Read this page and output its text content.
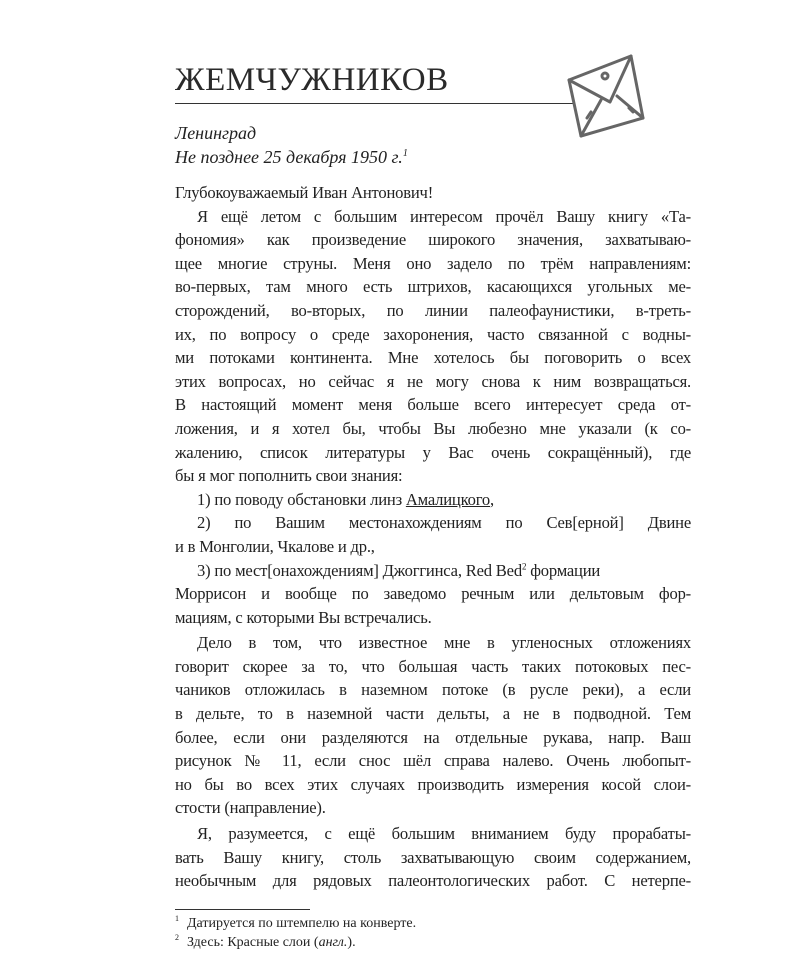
ЖЕМЧУЖНИКОВ
Ленинград
Не позднее 25 декабря 1950 г.$^1$
Глубокоуважаемый Иван Антонович!
Я ещё летом с большим интересом прочёл Вашу книгу «Та-
фономия» как произведение широкого значения, захватываю-
щее многие струны. Меня оно задело по трём направлениям:
во-первых, там много есть штрихов, касающихся угольных ме-
сторождений, во-вторых, по линии палеофаунистики, в-треть-
их, по вопросу о среде захоронения, часто связанной с водны-
ми потоками континента. Мне хотелось бы поговорить о всех
этих вопросах, но сейчас я не могу снова к ним возвращаться.
В настоящий момент меня больше всего интересует среда от-
ложения, и я хотел бы, чтобы Вы любезно мне указали (к со-
жалению, список литературы у Вас очень сокращённый), где
бы я мог пополнить свои знания:
1) по поводу обстановки линз Амалицкого,
2) по Вашим местонахождениям по Сев[ерной] Двине
и в Монголии, Чкалове и др.,
3) по мест[онахождениям] Джоггинса, Red Bed$^2$ формации
Моррисон и вообще по заведомо речным или дельтовым фор-
мациям, с которыми Вы встречались.
Дело в том, что известное мне в угленосных отложениях
говорит скорее за то, что большая часть таких потоковых пес-
чаников отложилась в наземном потоке (в русле реки), а если
в дельте, то в наземной части дельты, а не в подводной. Тем
более, если они разделяются на отдельные рукава, напр. Ваш
рисунок № 11, если снос шёл справа налево. Очень любопыт-
но бы во всех этих случаях производить измерения косой слои-
стости (направление).
Я, разумеется, с ещё большим вниманием буду прорабаты-
вать Вашу книгу, столь захватывающую своим содержанием,
необычным для рядовых палеонтологических работ. С нетерпе-
$^1$ Датируется по штемпелю на конверте.
$^2$ Здесь: Красные слои (англ.).
